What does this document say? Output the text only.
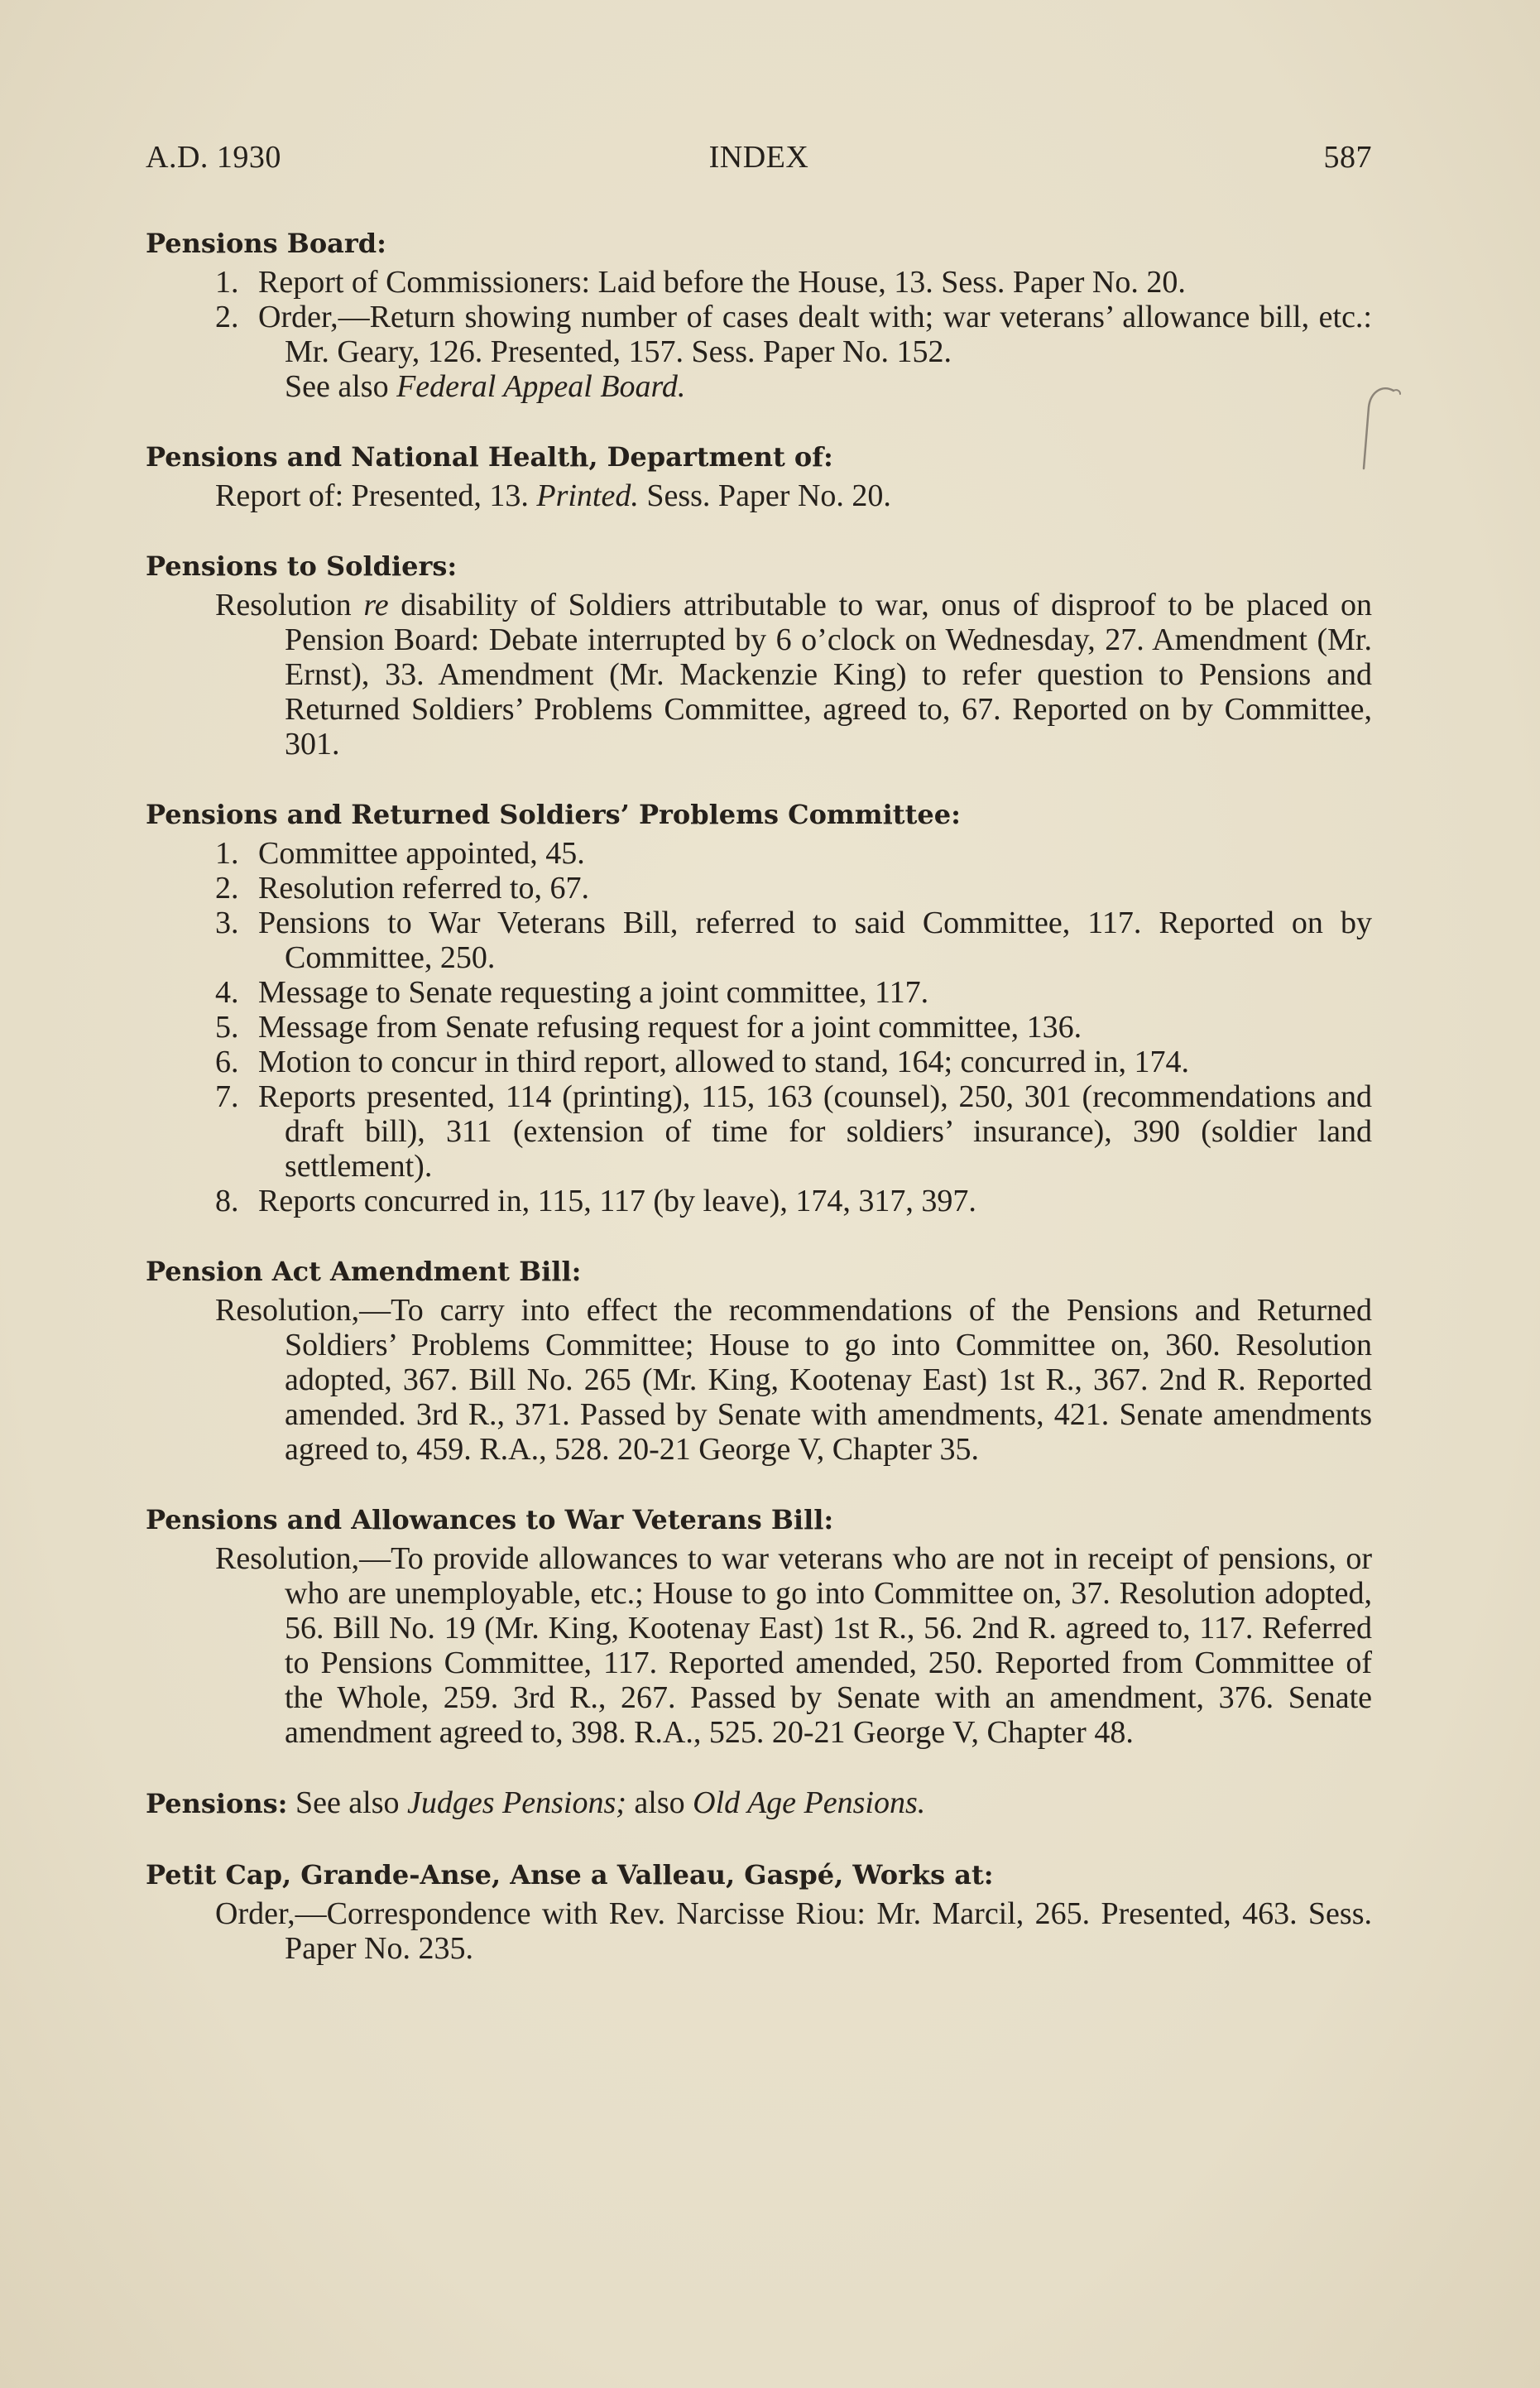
A.D. 1930	INDEX	587
Pensions Board:
1. Report of Commissioners: Laid before the House, 13. Sess. Paper No. 20.
2. Order,—Return showing number of cases dealt with; war veterans’ allowance bill, etc.: Mr. Geary, 126. Presented, 157. Sess. Paper No. 152.
See also Federal Appeal Board.
Pensions and National Health, Department of:
Report of: Presented, 13. Printed. Sess. Paper No. 20.
Pensions to Soldiers:
Resolution re disability of Soldiers attributable to war, onus of disproof to be placed on Pension Board: Debate interrupted by 6 o’clock on Wednesday, 27. Amendment (Mr. Ernst), 33. Amendment (Mr. Mackenzie King) to refer question to Pensions and Returned Soldiers’ Problems Committee, agreed to, 67. Reported on by Committee, 301.
Pensions and Returned Soldiers’ Problems Committee:
1. Committee appointed, 45.
2. Resolution referred to, 67.
3. Pensions to War Veterans Bill, referred to said Committee, 117. Reported on by Committee, 250.
4. Message to Senate requesting a joint committee, 117.
5. Message from Senate refusing request for a joint committee, 136.
6. Motion to concur in third report, allowed to stand, 164; concurred in, 174.
7. Reports presented, 114 (printing), 115, 163 (counsel), 250, 301 (recommendations and draft bill), 311 (extension of time for soldiers’ insurance), 390 (soldier land settlement).
8. Reports concurred in, 115, 117 (by leave), 174, 317, 397.
Pension Act Amendment Bill:
Resolution,—To carry into effect the recommendations of the Pensions and Returned Soldiers’ Problems Committee; House to go into Committee on, 360. Resolution adopted, 367. Bill No. 265 (Mr. King, Kootenay East) 1st R., 367. 2nd R. Reported amended. 3rd R., 371. Passed by Senate with amendments, 421. Senate amendments agreed to, 459. R.A., 528. 20-21 George V, Chapter 35.
Pensions and Allowances to War Veterans Bill:
Resolution,—To provide allowances to war veterans who are not in receipt of pensions, or who are unemployable, etc.; House to go into Committee on, 37. Resolution adopted, 56. Bill No. 19 (Mr. King, Kootenay East) 1st R., 56. 2nd R. agreed to, 117. Referred to Pensions Committee, 117. Reported amended, 250. Reported from Committee of the Whole, 259. 3rd R., 267. Passed by Senate with an amendment, 376. Senate amendment agreed to, 398. R.A., 525. 20-21 George V, Chapter 48.
Pensions: See also Judges Pensions; also Old Age Pensions.
Petit Cap, Grande-Anse, Anse a Valleau, Gaspé, Works at:
Order,—Correspondence with Rev. Narcisse Riou: Mr. Marcil, 265. Presented, 463. Sess. Paper No. 235.
